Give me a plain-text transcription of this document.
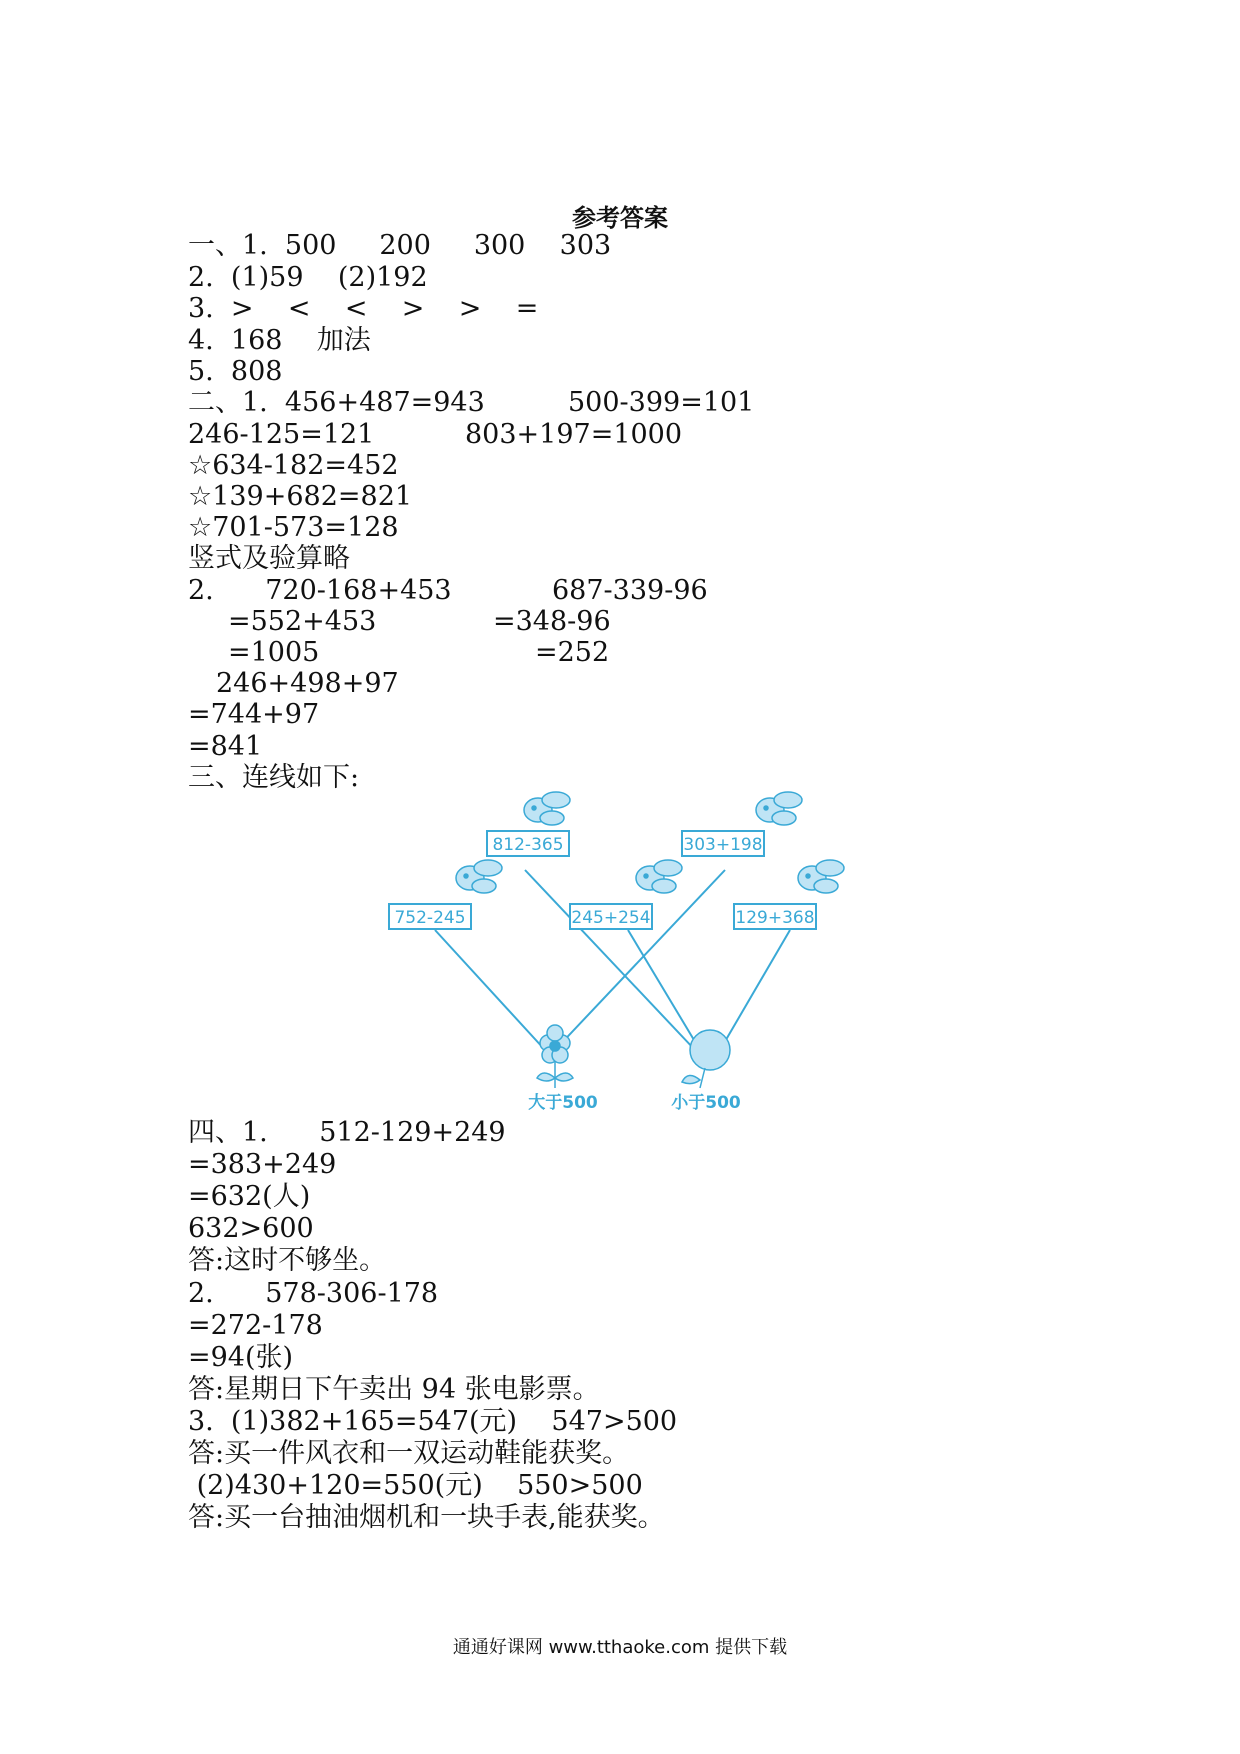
参考答案
一、1.  500     200     300    303
2.  (1)59    (2)192
3.  >    <    <    >    >    =
4.  168    加法
5.  808
二、1.  456+487=943	500-399=101
246-125=121	803+197=1000
☆634-182=452
☆139+682=821
☆701-573=128
竖式及验算略
2.      720-168+453	687-339-96
=552+453	=348-96
=1005	=252
246+498+97
=744+97
=841
三、连线如下:
812-365	303+198
752-245	245+254	129+368
大于500	小于500
四、1.      512-129+249
=383+249
=632(人)
632>600
答:这时不够坐。
2.      578-306-178
=272-178
=94(张)
答:星期日下午卖出 94 张电影票。
3.  (1)382+165=547(元)    547>500
答:买一件风衣和一双运动鞋能获奖。
(2)430+120=550(元)    550>500
答:买一台抽油烟机和一块手表,能获奖。
通通好课网 www.tthaoke.com 提供下载
